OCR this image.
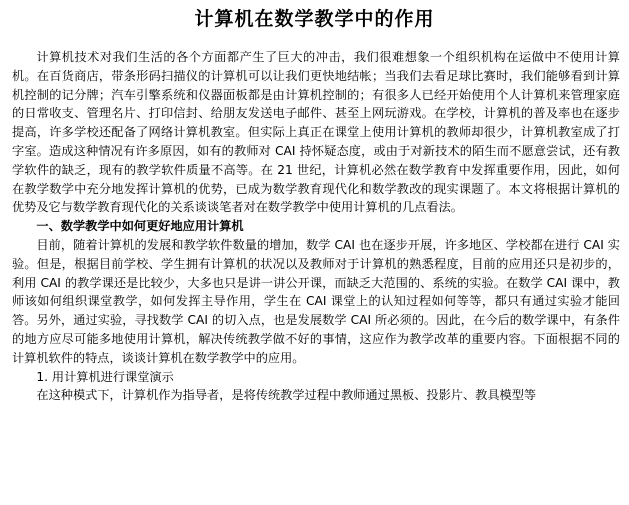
计算机在数学教学中的作用

计算机技术对我们生活的各个方面都产生了巨大的冲击，我们很难想象一个组织机构在运做中不使用计算机。在百货商店，带条形码扫描仪的计算机可以让我们更快地结帐；当我们去看足球比赛时，我们能够看到计算机控制的记分牌；汽车引擎系统和仪器面板都是由计算机控制的；有很多人已经开始使用个人计算机来管理家庭的日常收支、管理名片、打印信封、给朋友发送电子邮件、甚至上网玩游戏。在学校，计算机的普及率也在逐步提高，许多学校还配备了网络计算机教室。但实际上真正在课堂上使用计算机的教师却很少，计算机教室成了打字室。造成这种情况有许多原因，如有的教师对 CAI 持怀疑态度，或由于对新技术的陌生而不愿意尝试，还有教学软件的缺乏，现有的教学软件质量不高等。在 21 世纪，计算机必然在数学教育中发挥重要作用，因此，如何在教学数学中充分地发挥计算机的优势，已成为数学教育现代化和数学教改的现实课题了。本文将根据计算机的优势及它与数学教育现代化的关系谈谈笔者对在数学教学中使用计算机的几点看法。

一、数学教学中如何更好地应用计算机

目前，随着计算机的发展和教学软件数量的增加，数学 CAI 也在逐步开展，许多地区、学校都在进行 CAI 实验。但是，根据目前学校、学生拥有计算机的状况以及教师对于计算机的熟悉程度，目前的应用还只是初步的，利用 CAI 的教学课还是比较少，大多也只是讲一讲公开课，而缺乏大范围的、系统的实验。在数学 CAI 课中，教师该如何组织课堂教学，如何发挥主导作用，学生在 CAI 课堂上的认知过程如何等等，都只有通过实验才能回答。另外，通过实验，寻找数学 CAI 的切入点，也是发展数学 CAI 所必须的。因此，在今后的数学课中，有条件的地方应尽可能多地使用计算机，解决传统教学做不好的事情，这应作为教学改革的重要内容。下面根据不同的计算机软件的特点，谈谈计算机在数学教学中的应用。

1. 用计算机进行课堂演示

在这种模式下，计算机作为指导者，是将传统教学过程中教师通过黑板、投影片、教具模型等
